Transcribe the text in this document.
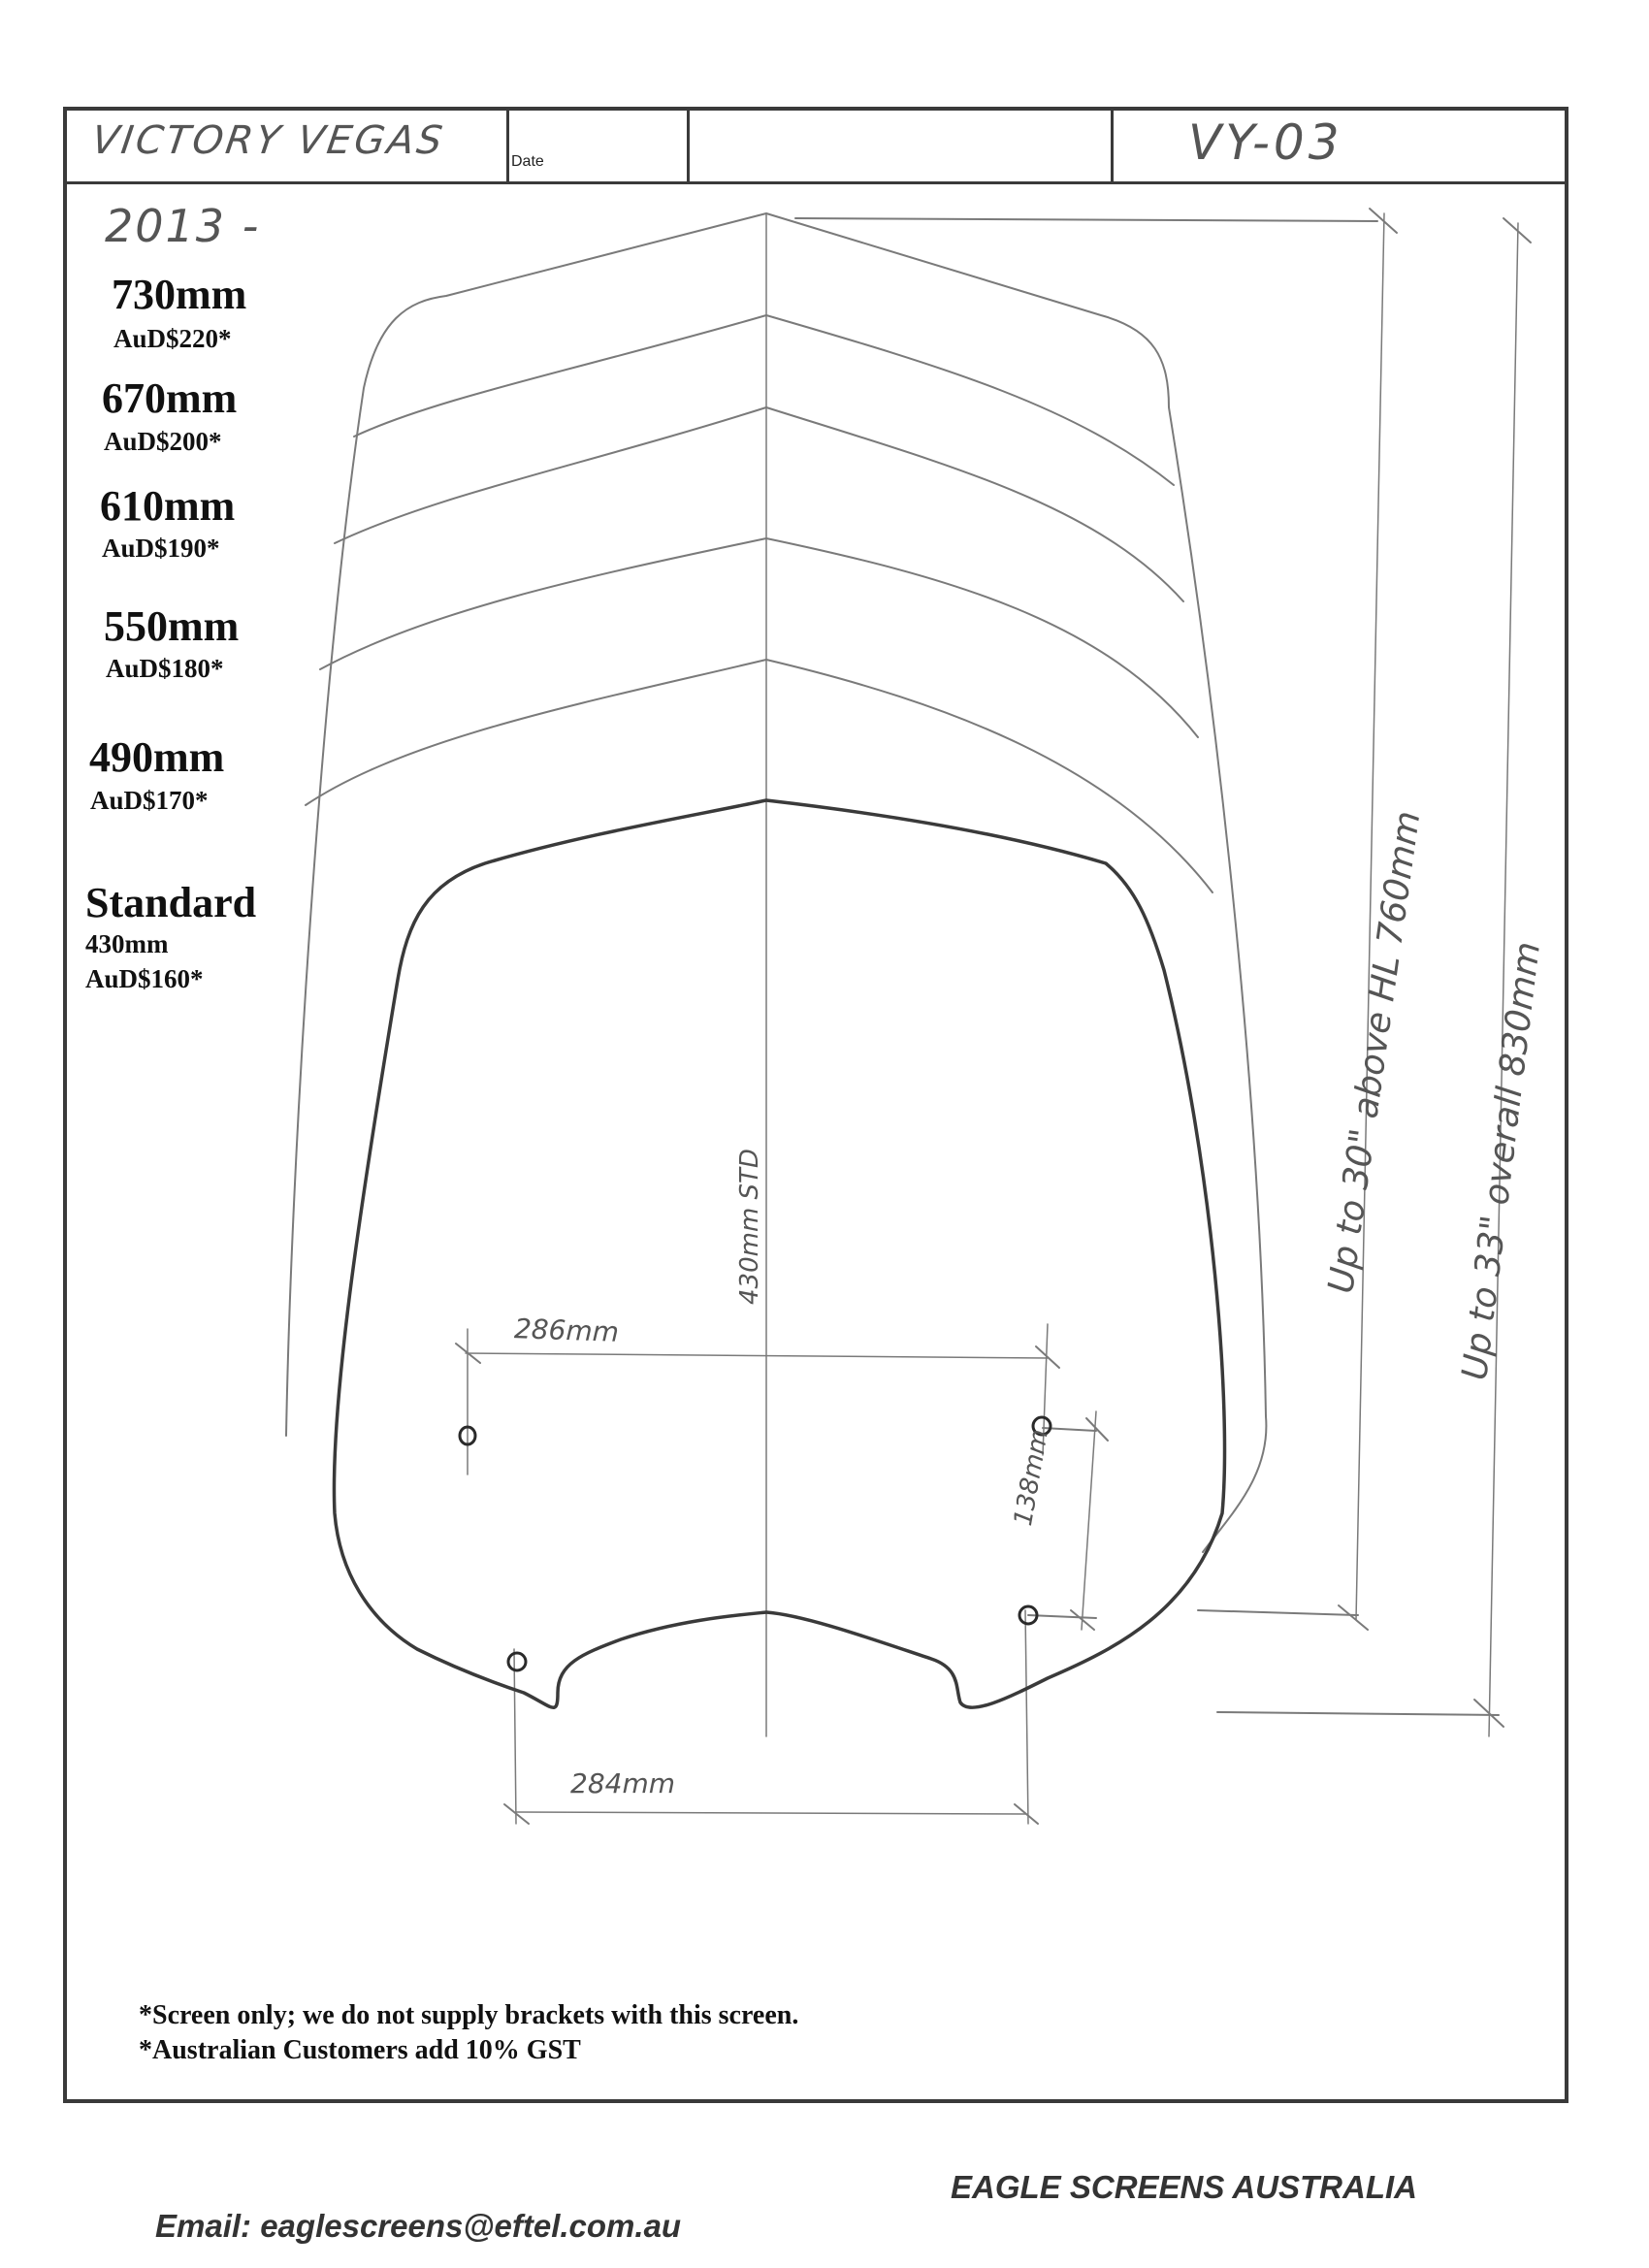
VICTORY VEGAS	Date	VY-03
2013 -
730mm
AuD$220*
670mm
AuD$200*
610mm
AuD$190*
550mm
AuD$180*
490mm
AuD$170*
Standard
430mm
AuD$160*
286mm
284mm
138mm
430mm STD	Up to 30" above HL 760mm Up to 33" overall 830mm
*Screen only; we do not supply brackets with this screen.
*Australian Customers add 10% GST
EAGLE SCREENS AUSTRALIA
Email: eaglescreens@eftel.com.au
